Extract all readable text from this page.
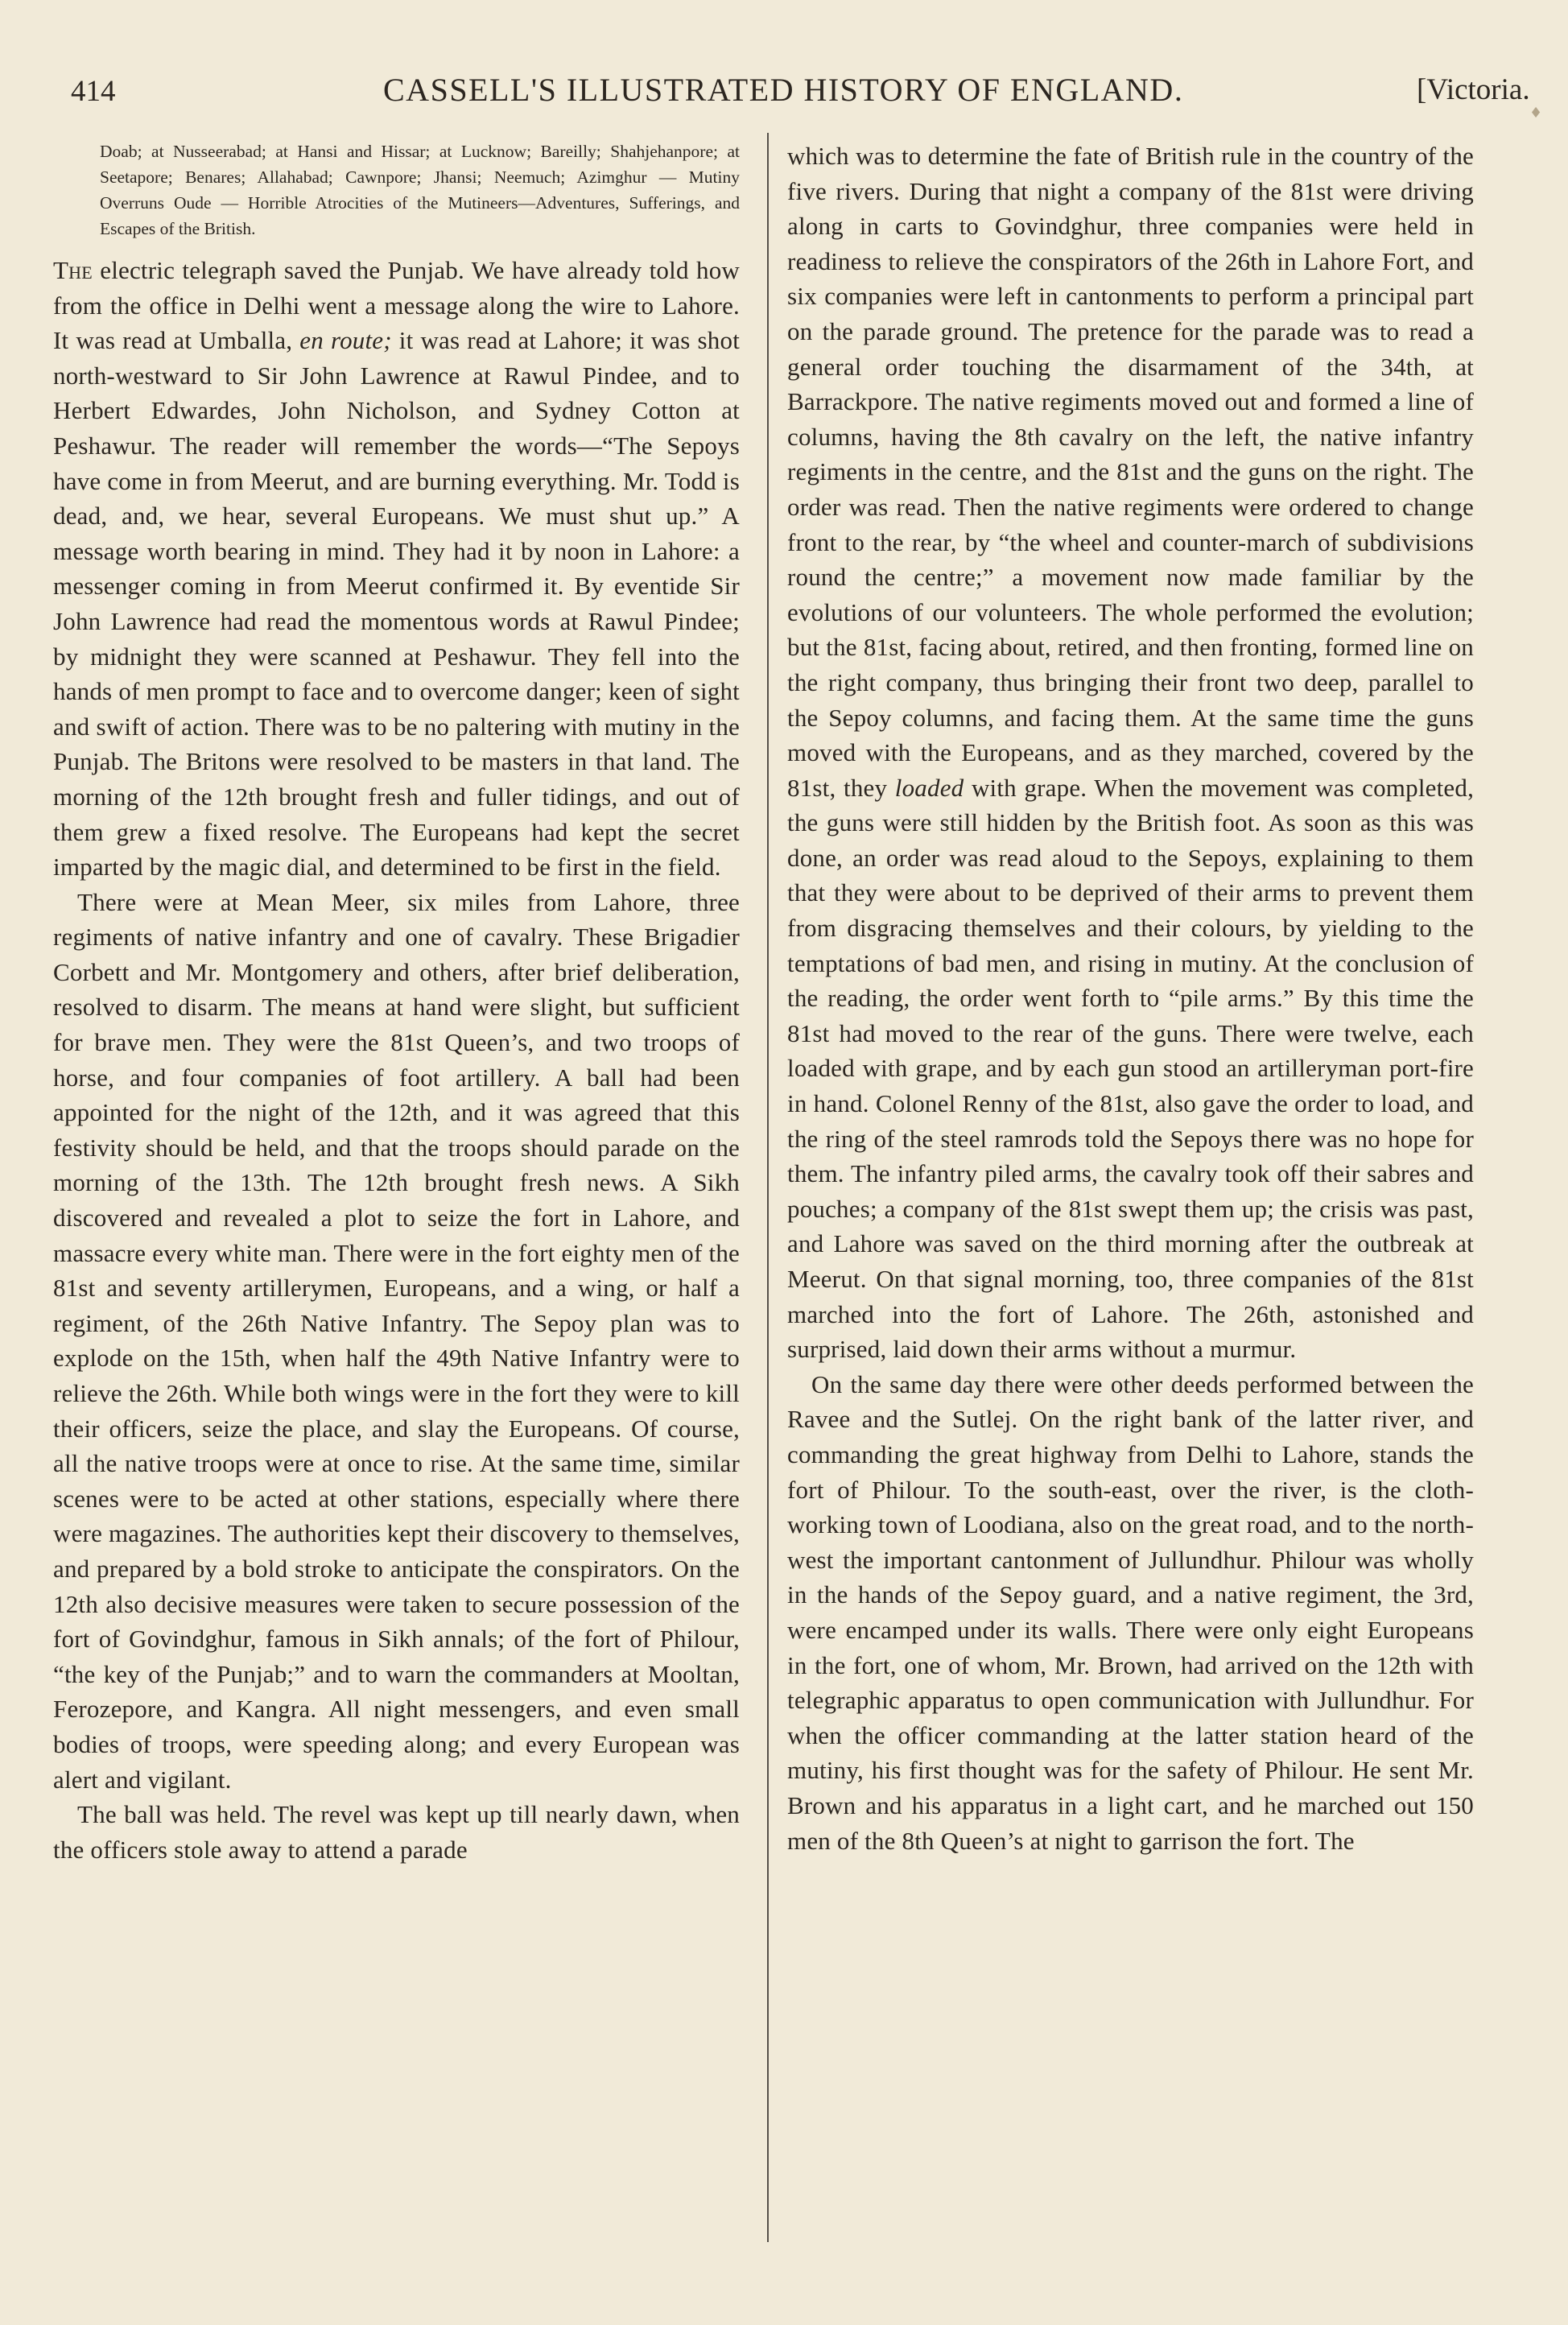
414	CASSELL'S ILLUSTRATED HISTORY OF ENGLAND.	[Victoria.
♦
Doab; at Nusseerabad; at Hansi and Hissar; at Lucknow; Bareilly; Shahjehanpore; at Seetapore; Benares; Allahabad; Cawnpore; Jhansi; Neemuch; Azimghur — Mutiny Overruns Oude — Horrible Atrocities of the Mutineers—Adventures, Sufferings, and Escapes of the British.

The electric telegraph saved the Punjab. We have already told how from the office in Delhi went a message along the wire to Lahore. It was read at Umballa, en route; it was read at Lahore; it was shot north-westward to Sir John Lawrence at Rawul Pindee, and to Herbert Edwardes, John Nicholson, and Sydney Cotton at Peshawur. The reader will remember the words—“The Sepoys have come in from Meerut, and are burning everything. Mr. Todd is dead, and, we hear, several Europeans. We must shut up.” A message worth bearing in mind. They had it by noon in Lahore: a messenger coming in from Meerut confirmed it. By eventide Sir John Lawrence had read the momentous words at Rawul Pindee; by midnight they were scanned at Peshawur. They fell into the hands of men prompt to face and to overcome danger; keen of sight and swift of action. There was to be no paltering with mutiny in the Punjab. The Britons were resolved to be masters in that land. The morning of the 12th brought fresh and fuller tidings, and out of them grew a fixed resolve. The Europeans had kept the secret imparted by the magic dial, and determined to be first in the field.

There were at Mean Meer, six miles from Lahore, three regiments of native infantry and one of cavalry. These Brigadier Corbett and Mr. Montgomery and others, after brief deliberation, resolved to disarm. The means at hand were slight, but sufficient for brave men. They were the 81st Queen’s, and two troops of horse, and four companies of foot artillery. A ball had been appointed for the night of the 12th, and it was agreed that this festivity should be held, and that the troops should parade on the morning of the 13th. The 12th brought fresh news. A Sikh discovered and revealed a plot to seize the fort in Lahore, and massacre every white man. There were in the fort eighty men of the 81st and seventy artillerymen, Europeans, and a wing, or half a regiment, of the 26th Native Infantry. The Sepoy plan was to explode on the 15th, when half the 49th Native Infantry were to relieve the 26th. While both wings were in the fort they were to kill their officers, seize the place, and slay the Europeans. Of course, all the native troops were at once to rise. At the same time, similar scenes were to be acted at other stations, especially where there were magazines. The authorities kept their discovery to themselves, and prepared by a bold stroke to anticipate the conspirators. On the 12th also decisive measures were taken to secure possession of the fort of Govindghur, famous in Sikh annals; of the fort of Philour, “the key of the Punjab;” and to warn the commanders at Mooltan, Ferozepore, and Kangra. All night messengers, and even small bodies of troops, were speeding along; and every European was alert and vigilant.

The ball was held. The revel was kept up till nearly dawn, when the officers stole away to attend a parade

which was to determine the fate of British rule in the country of the five rivers. During that night a company of the 81st were driving along in carts to Govindghur, three companies were held in readiness to relieve the conspirators of the 26th in Lahore Fort, and six companies were left in cantonments to perform a principal part on the parade ground. The pretence for the parade was to read a general order touching the disarmament of the 34th, at Barrackpore. The native regiments moved out and formed a line of columns, having the 8th cavalry on the left, the native infantry regiments in the centre, and the 81st and the guns on the right. The order was read. Then the native regiments were ordered to change front to the rear, by “the wheel and counter-march of subdivisions round the centre;” a movement now made familiar by the evolutions of our volunteers. The whole performed the evolution; but the 81st, facing about, retired, and then fronting, formed line on the right company, thus bringing their front two deep, parallel to the Sepoy columns, and facing them. At the same time the guns moved with the Europeans, and as they marched, covered by the 81st, they loaded with grape. When the movement was completed, the guns were still hidden by the British foot. As soon as this was done, an order was read aloud to the Sepoys, explaining to them that they were about to be deprived of their arms to prevent them from disgracing themselves and their colours, by yielding to the temptations of bad men, and rising in mutiny. At the conclusion of the reading, the order went forth to “pile arms.” By this time the 81st had moved to the rear of the guns. There were twelve, each loaded with grape, and by each gun stood an artilleryman port-fire in hand. Colonel Renny of the 81st, also gave the order to load, and the ring of the steel ramrods told the Sepoys there was no hope for them. The infantry piled arms, the cavalry took off their sabres and pouches; a company of the 81st swept them up; the crisis was past, and Lahore was saved on the third morning after the outbreak at Meerut. On that signal morning, too, three companies of the 81st marched into the fort of Lahore. The 26th, astonished and surprised, laid down their arms without a murmur.

On the same day there were other deeds performed between the Ravee and the Sutlej. On the right bank of the latter river, and commanding the great highway from Delhi to Lahore, stands the fort of Philour. To the south-east, over the river, is the cloth-working town of Loodiana, also on the great road, and to the north-west the important cantonment of Jullundhur. Philour was wholly in the hands of the Sepoy guard, and a native regiment, the 3rd, were encamped under its walls. There were only eight Europeans in the fort, one of whom, Mr. Brown, had arrived on the 12th with telegraphic apparatus to open communication with Jullundhur. For when the officer commanding at the latter station heard of the mutiny, his first thought was for the safety of Philour. He sent Mr. Brown and his apparatus in a light cart, and he marched out 150 men of the 8th Queen’s at night to garrison the fort. The
